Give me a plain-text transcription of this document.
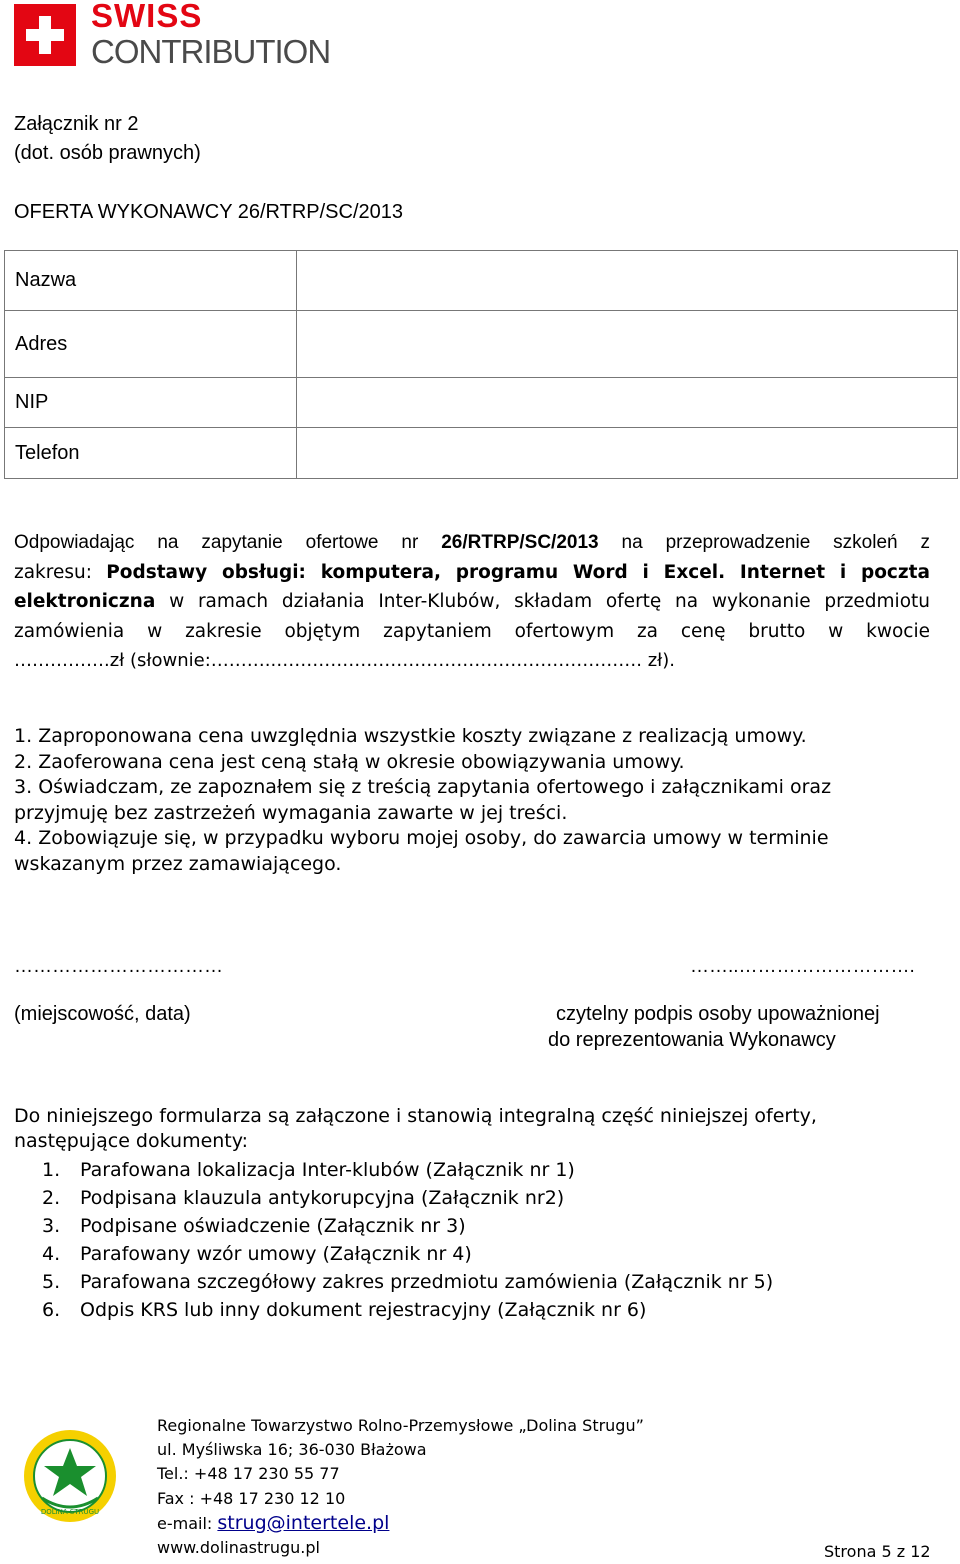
SWISS
CONTRIBUTION
Załącznik nr 2
(dot. osób prawnych)
OFERTA WYKONAWCY 26/RTRP/SC/2013
Nazwa	
Adres	
NIP	
Telefon	
Odpowiadając na zapytanie ofertowe nr 26/RTRP/SC/2013 na przeprowadzenie szkoleń z
zakresu: Podstawy obsługi: komputera, programu Word i Excel. Internet i poczta
elektroniczna w ramach działania Inter-Klubów, składam ofertę na wykonanie przedmiotu
zamówienia w zakresie objętym zapytaniem ofertowym za cenę brutto w kwocie
…………….zł (słownie:………..……………………………………………………. zł).
1. Zaproponowana cena uwzględnia wszystkie koszty związane z realizacją umowy.
2. Zaoferowana cena jest ceną stałą w okresie obowiązywania umowy.
3. Oświadczam, ze zapoznałem się z treścią zapytania ofertowego i załącznikami oraz
przyjmuję bez zastrzeżeń wymagania zawarte w jej treści.
4. Zobowiązuje się, w przypadku wyboru mojej osoby, do zawarcia umowy w terminie
wskazanym przez zamawiającego.
……………………………	……..……………………….
(miejscowość, data)	czytelny podpis osoby upoważnionej
do reprezentowania Wykonawcy
Do niniejszego formularza są załączone i stanowią integralną część niniejszej oferty,
następujące dokumenty:
1.	Parafowana lokalizacja Inter-klubów (Załącznik nr 1)
2.	Podpisana klauzula antykorupcyjna (Załącznik nr2)
3.	Podpisane oświadczenie (Załącznik nr 3)
4.	Parafowany wzór umowy (Załącznik nr 4)
5.	Parafowana szczegółowy zakres przedmiotu zamówienia (Załącznik nr 5)
6.	Odpis KRS lub inny dokument rejestracyjny (Załącznik nr 6)
DOLINA STRUGU
Regionalne Towarzystwo Rolno-Przemysłowe „Dolina Strugu”
ul. Myśliwska 16; 36-030 Błażowa
Tel.: +48 17 230 55 77
Fax : +48 17 230 12 10
e-mail: strug@intertele.pl
www.dolinastrugu.pl	Strona 5 z 12
